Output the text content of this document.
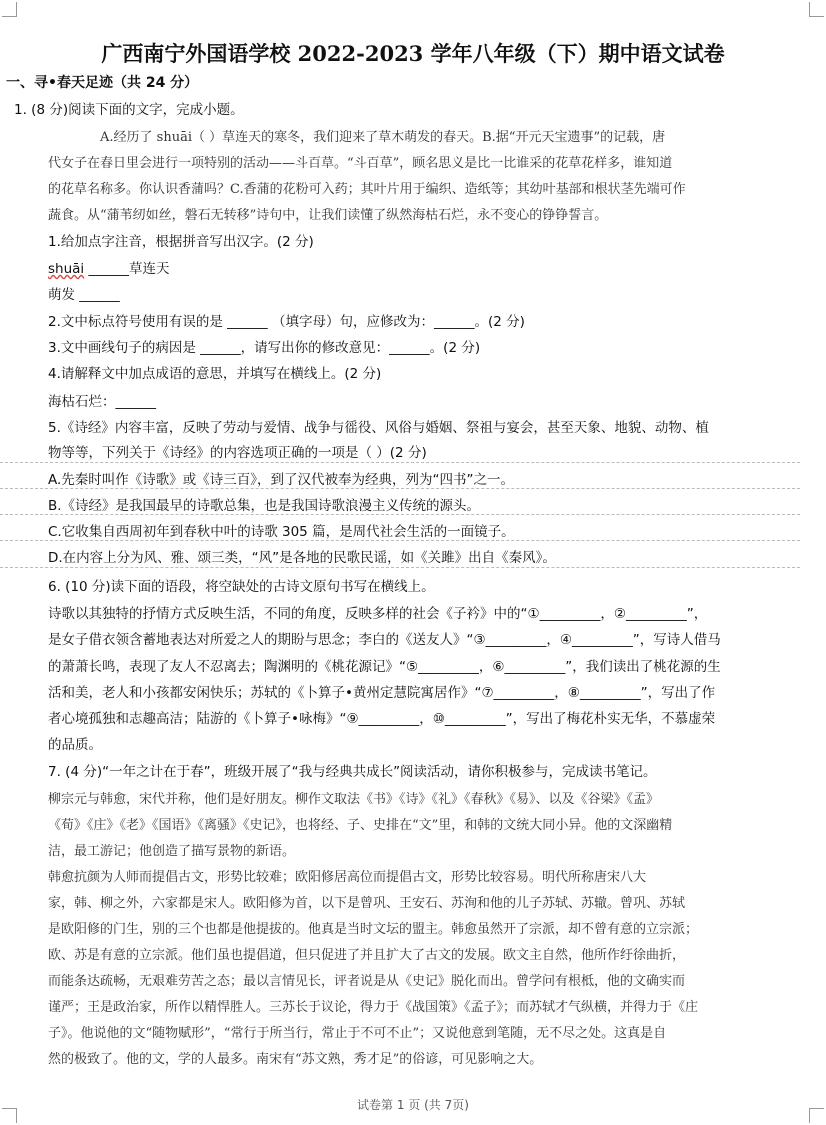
广西南宁外国语学校 2022-2023 学年八年级（下）期中语文试卷
一、寻•春天足迹（共 24 分）
1. (8 分)阅读下面的文字，完成小题。
A.经历了 shuāi（ ）草连天的寒冬，我们迎来了草木萌发的春天。B.据“开元天宝遗事”的记载，唐
代女子在春日里会进行一项特别的活动——斗百草。“斗百草”，顾名思义是比一比谁采的花草花样多，谁知道
的花草名称多。你认识香蒲吗？C.香蒲的花粉可入药；其叶片用于编织、造纸等；其幼叶基部和根状茎先端可作
蔬食。从“蒲苇纫如丝，磐石无转移”诗句中，让我们读懂了纵然海枯石烂，永不变心的铮铮誓言。
1.给加点字注音，根据拼音写出汉字。(2 分)
shuāi ______草连天
萌发 ______
2.文中标点符号使用有误的是 ______ （填字母）句，应修改为：______。(2 分)
3.文中画线句子的病因是 ______，请写出你的修改意见：______。(2 分)
4.请解释文中加点成语的意思，并填写在横线上。(2 分)
海枯石烂：______
5.《诗经》内容丰富，反映了劳动与爱情、战争与徭役、风俗与婚姻、祭祖与宴会，甚至天象、地貌、动物、植
物等等，下列关于《诗经》的内容选项正确的一项是（ ）(2 分)
A.先秦时叫作《诗歌》或《诗三百》，到了汉代被奉为经典，列为“四书”之一。
B.《诗经》是我国最早的诗歌总集，也是我国诗歌浪漫主义传统的源头。
C.它收集自西周初年到春秋中叶的诗歌 305 篇，是周代社会生活的一面镜子。
D.在内容上分为风、雅、颂三类，“风”是各地的民歌民谣，如《关雎》出自《秦风》。
6. (10 分)读下面的语段，将空缺处的古诗文原句书写在横线上。
诗歌以其独特的抒情方式反映生活，不同的角度，反映多样的社会《子衿》中的“①_________，②_________”，
是女子借衣领含蓄地表达对所爱之人的期盼与思念；李白的《送友人》“③_________，④_________”，写诗人借马
的萧萧长鸣，表现了友人不忍离去；陶渊明的《桃花源记》“⑤_________，⑥_________”，我们读出了桃花源的生
活和美，老人和小孩都安闲快乐；苏轼的《卜算子•黄州定慧院寓居作》“⑦_________，⑧_________”，写出了作
者心境孤独和志趣高洁；陆游的《卜算子•咏梅》“⑨_________，⑩_________”，写出了梅花朴实无华，不慕虚荣
的品质。
7. (4 分)“一年之计在于春”，班级开展了“我与经典共成长”阅读活动，请你积极参与，完成读书笔记。
柳宗元与韩愈，宋代并称，他们是好朋友。柳作文取法《书》《诗》《礼》《春秋》《易》、以及《谷梁》《孟》
《荀》《庄》《老》《国语》《离骚》《史记》，也将经、子、史排在“文”里，和韩的文统大同小异。他的文深幽精
洁，最工游记；他创造了描写景物的新语。
韩愈抗颜为人师而提倡古文，形势比较难；欧阳修居高位而提倡古文，形势比较容易。明代所称唐宋八大
家，韩、柳之外，六家都是宋人。欧阳修为首，以下是曾巩、王安石、苏洵和他的儿子苏轼、苏辙。曾巩、苏轼
是欧阳修的门生，别的三个也都是他提拔的。他真是当时文坛的盟主。韩愈虽然开了宗派，却不曾有意的立宗派；
欧、苏是有意的立宗派。他们虽也提倡道，但只促进了并且扩大了古文的发展。欧文主自然，他所作纡徐曲折，
而能条达疏畅，无艰难劳苦之态；最以言情见长，评者说是从《史记》脱化而出。曾学问有根柢，他的文确实而
谨严；王是政治家，所作以精悍胜人。三苏长于议论，得力于《战国策》《孟子》；而苏轼才气纵横，并得力于《庄
子》。他说他的文“随物赋形”，“常行于所当行，常止于不可不止”；又说他意到笔随，无不尽之处。这真是自
然的极致了。他的文，学的人最多。南宋有“苏文熟，秀才足”的俗谚，可见影响之大。
试卷第 1 页 (共 7页)
